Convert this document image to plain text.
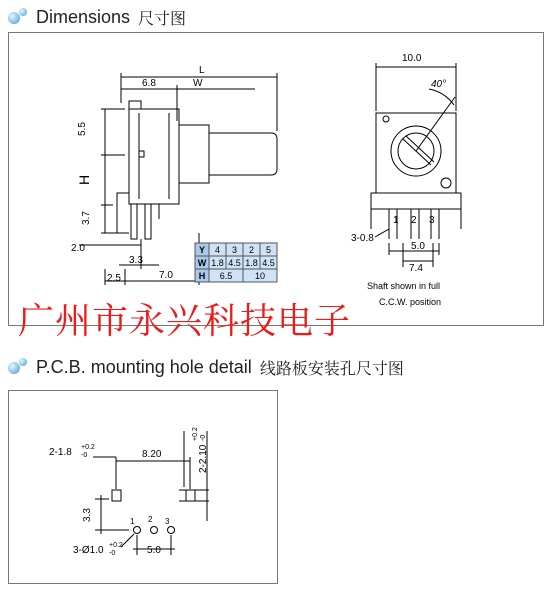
Dimensions 尺寸图
L
6.8	W
5.5
H
3.7
2.0
3.3
2.5	7.0
Y 4 3 2 5
W 1.8 4.5 1.8 4.5
H 6.5	10
10.0
40°
1 2 3
3-0.8
5.0
7.4
Shaft shown in full
C.C.W. position
广州市永兴科技电子
P.C.B. mounting hole detail 线路板安装孔尺寸图
2-1.8 +0.2
-0	8.20	2-2.10
+0.2 -0
3.3	1 2 3
3-Ø1.0 +0.2
-0	5.0
